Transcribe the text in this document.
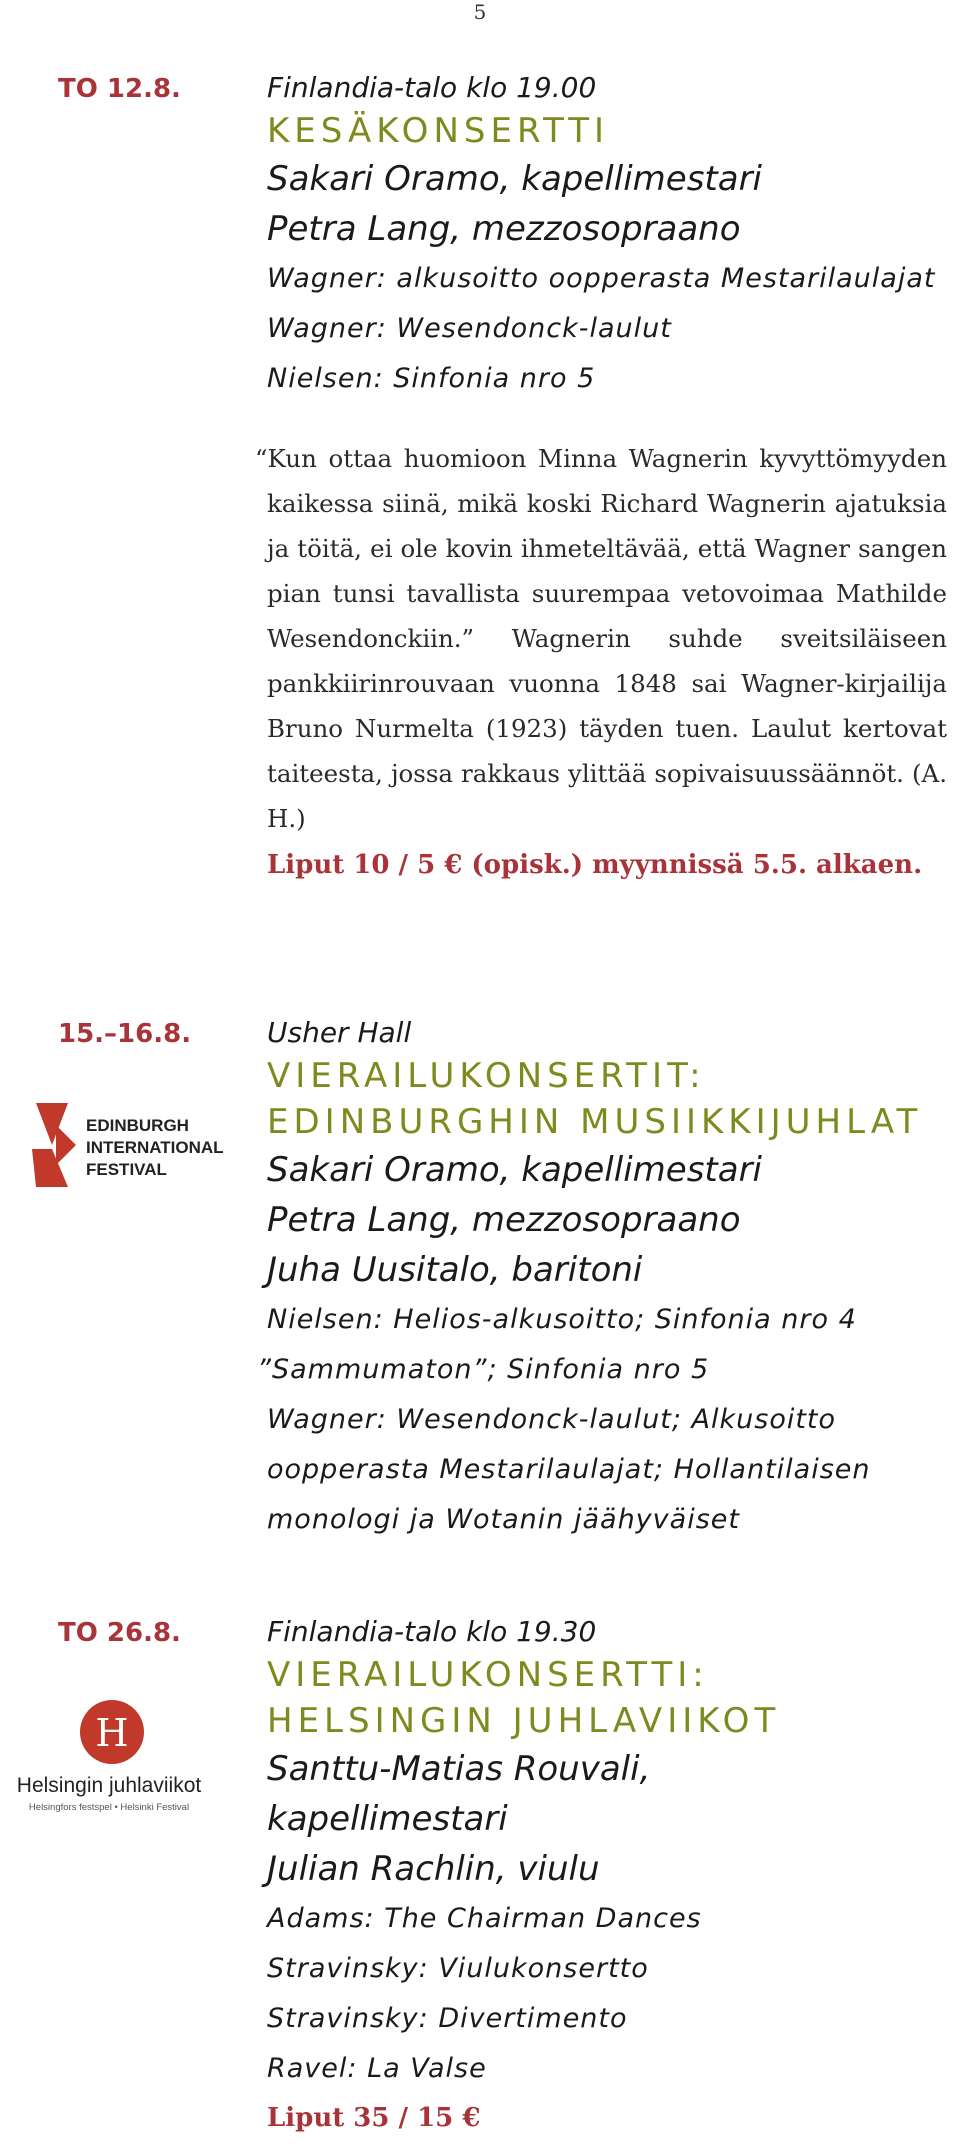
5
TO 12.8.	Finlandia-talo klo 19.00
KESÄKONSERTTI
Sakari Oramo, kapellimestari
Petra Lang, mezzosopraano
Wagner: alkusoitto oopperasta Mestarilaulajat
Wagner: Wesendonck-laulut
Nielsen: Sinfonia nro 5
“Kun ottaa huomioon Minna Wagnerin kyvyttömyyden kaikessa siinä, mikä koski Richard Wagnerin ajatuksia ja töitä, ei ole kovin ihmeteltävää, että Wagner sangen pian tunsi tavallista suurempaa vetovoimaa Mathilde Wesendonckiin.” Wagnerin suhde sveitsiläiseen pankkiirinrouvaan vuonna 1848 sai Wagner-kirjailija Bruno Nurmelta (1923) täyden tuen. Laulut kertovat taiteesta, jossa rakkaus ylittää sopivaisuussäännöt. (A. H.)
Liput 10 / 5 € (opisk.) myynnissä 5.5. alkaen.
15.–16.8.
EDINBURGH
INTERNATIONAL
FESTIVAL
Usher Hall
VIERAILUKONSERTIT:
EDINBURGHIN MUSIIKKIJUHLAT
Sakari Oramo, kapellimestari
Petra Lang, mezzosopraano
Juha Uusitalo, baritoni
Nielsen: Helios-alkusoitto; Sinfonia nro 4
”Sammumaton”; Sinfonia nro 5
Wagner: Wesendonck-laulut; Alkusoitto
oopperasta Mestarilaulajat; Hollantilaisen
monologi ja Wotanin jäähyväiset
TO 26.8.
H
Helsingin juhlaviikot
Helsingfors festspel • Helsinki Festival
Finlandia-talo klo 19.30
VIERAILUKONSERTTI:
HELSINGIN JUHLAVIIKOT
Santtu-Matias Rouvali,
kapellimestari
Julian Rachlin, viulu
Adams: The Chairman Dances
Stravinsky: Viulukonsertto
Stravinsky: Divertimento
Ravel: La Valse
Liput 35 / 15 €
